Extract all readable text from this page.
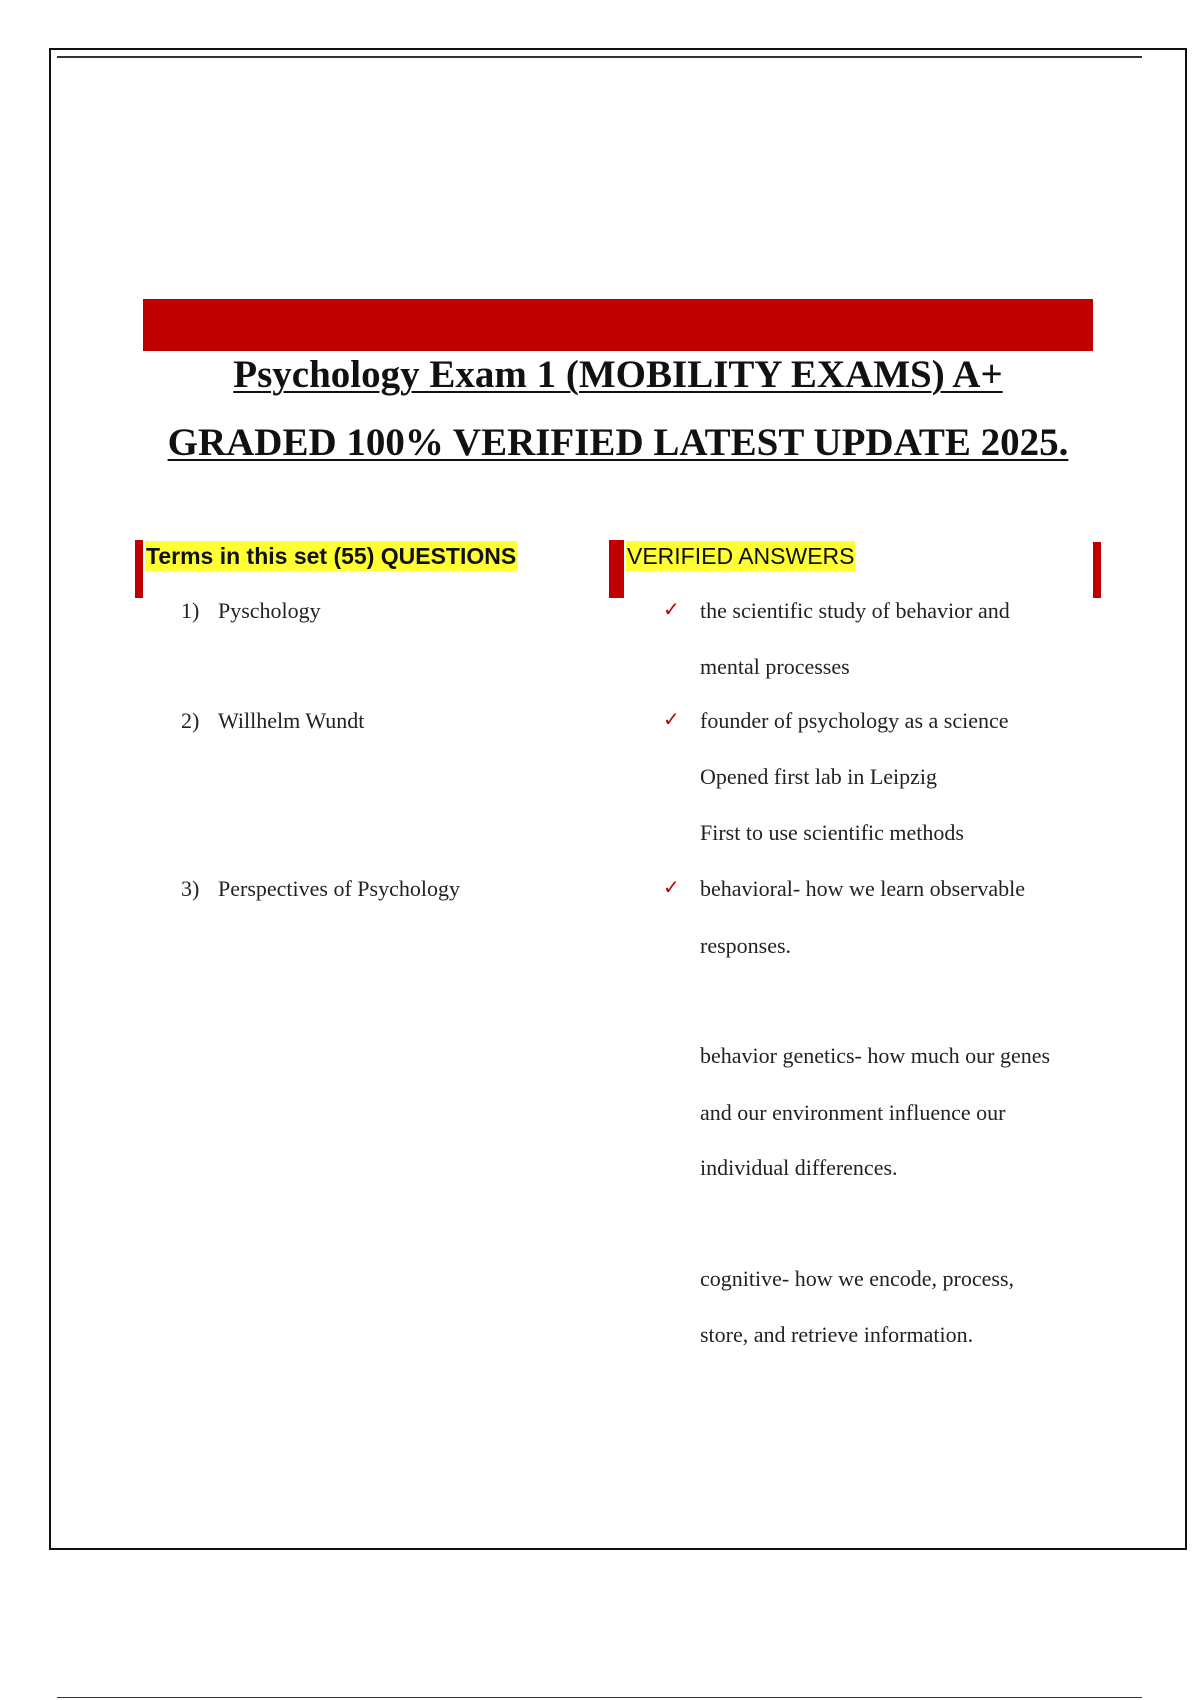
Psychology Exam 1 (MOBILITY EXAMS) A+
GRADED 100% VERIFIED LATEST UPDATE 2025.
Terms in this set (55) QUESTIONS	VERIFIED ANSWERS
1) Pyschology
2) Willhelm Wundt
3) Perspectives of Psychology
✓ the scientific study of behavior and
mental processes
✓ founder of psychology as a science
Opened first lab in Leipzig
First to use scientific methods
✓ behavioral- how we learn observable
responses.
behavior genetics- how much our genes
and our environment influence our
individual differences.
cognitive- how we encode, process,
store, and retrieve information.
